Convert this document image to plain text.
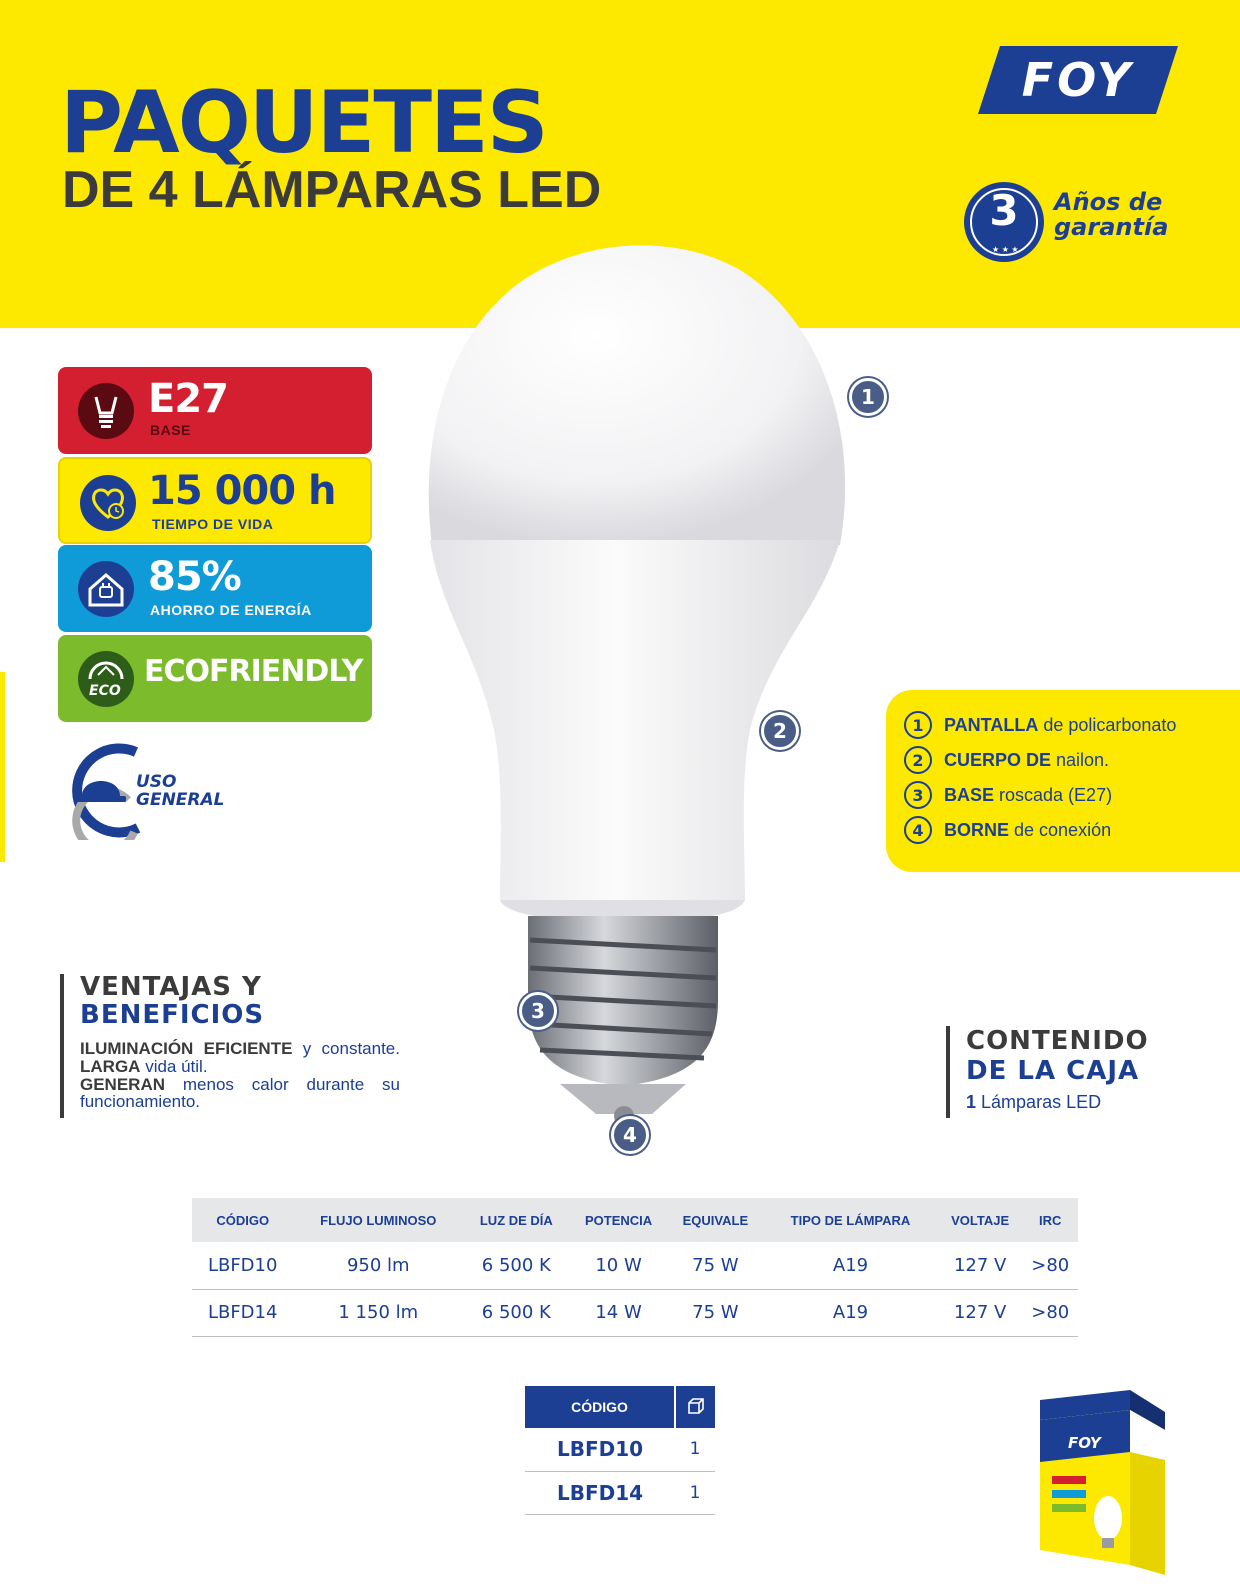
PAQUETES
DE 4 LÁMPARAS LED
FOY
★ ★ ★
3	Años de
garantía
E27
BASE
15 000 h
TIEMPO DE VIDA
85%
AHORRO DE ENERGÍA
ECO
ECOFRIENDLY
USO
GENERAL
1
2
3
4
1	PANTALLA de policarbonato
2	CUERPO DE nailon.
3	BASE roscada (E27)
4	BORNE de conexión
VENTAJAS Y
BENEFICIOS
ILUMINACIÓN EFICIENTE y constante.
LARGA vida útil.
GENERAN menos calor durante su
funcionamiento.
CONTENIDO
DE LA CAJA
1 Lámparas LED
CÓDIGO	FLUJO LUMINOSO	LUZ DE DÍA	POTENCIA	EQUIVALE	TIPO DE LÁMPARA	VOLTAJE	IRC
LBFD10	950 lm	6 500 K	10 W	75 W	A19	127 V	>80
LBFD14	1 150 lm	6 500 K	14 W	75 W	A19	127 V	>80
CÓDIGO	
LBFD10	1
LBFD14	1
FOY
